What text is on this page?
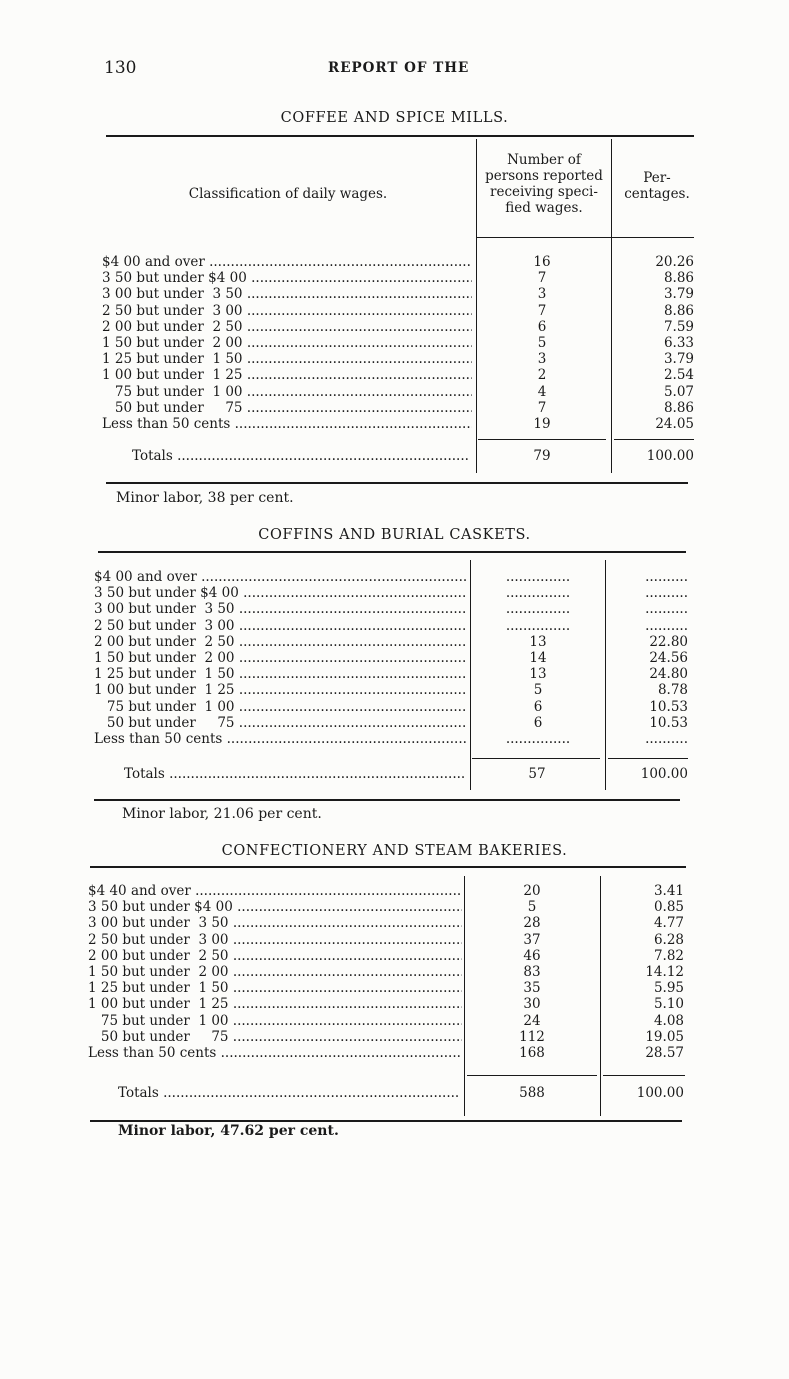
130	REPORT OF THE
COFFEE AND SPICE MILLS.
Classification of daily wages.
Number of
persons reported
receiving speci-
fied wages.
Per-
centages.
$4 00 and over .....	16	20.26
3 50 but under $4 00 .....	7	8.86
3 00 but under  3 50 .....	3	3.79
2 50 but under  3 00 .....	7	8.86
2 00 but under  2 50 .....	6	7.59
1 50 but under  2 00 .....	5	6.33
1 25 but under  1 50 .....	3	3.79
1 00 but under  1 25 .....	2	2.54
75 but under  1 00 .....	4	5.07
50 but under     75 .....	7	8.86
Less than 50 cents .....	19	24.05
Totals .....	79	100.00
Minor labor, 38 per cent.
COFFINS AND BURIAL CASKETS.
$4 00 and over .....	...............	..........
3 50 but under $4 00 .....	...............	..........
3 00 but under  3 50 .....	...............	..........
2 50 but under  3 00 .....	...............	..........
2 00 but under  2 50 .....	13	22.80
1 50 but under  2 00 .....	14	24.56
1 25 but under  1 50 .....	13	24.80
1 00 but under  1 25 .....	5	8.78
75 but under  1 00 .....	6	10.53
50 but under     75 .....	6	10.53
Less than 50 cents .....	...............	..........
Totals .....	57	100.00
Minor labor, 21.06 per cent.
CONFECTIONERY AND STEAM BAKERIES.
$4 40 and over .....	20	3.41
3 50 but under $4 00 .....	5	0.85
3 00 but under  3 50 .....	28	4.77
2 50 but under  3 00 .....	37	6.28
2 00 but under  2 50 .....	46	7.82
1 50 but under  2 00 .....	83	14.12
1 25 but under  1 50 .....	35	5.95
1 00 but under  1 25 .....	30	5.10
75 but under  1 00 .....	24	4.08
50 but under     75 .....	112	19.05
Less than 50 cents .....	168	28.57
Totals .....	588	100.00
Minor labor, 47.62 per cent.
